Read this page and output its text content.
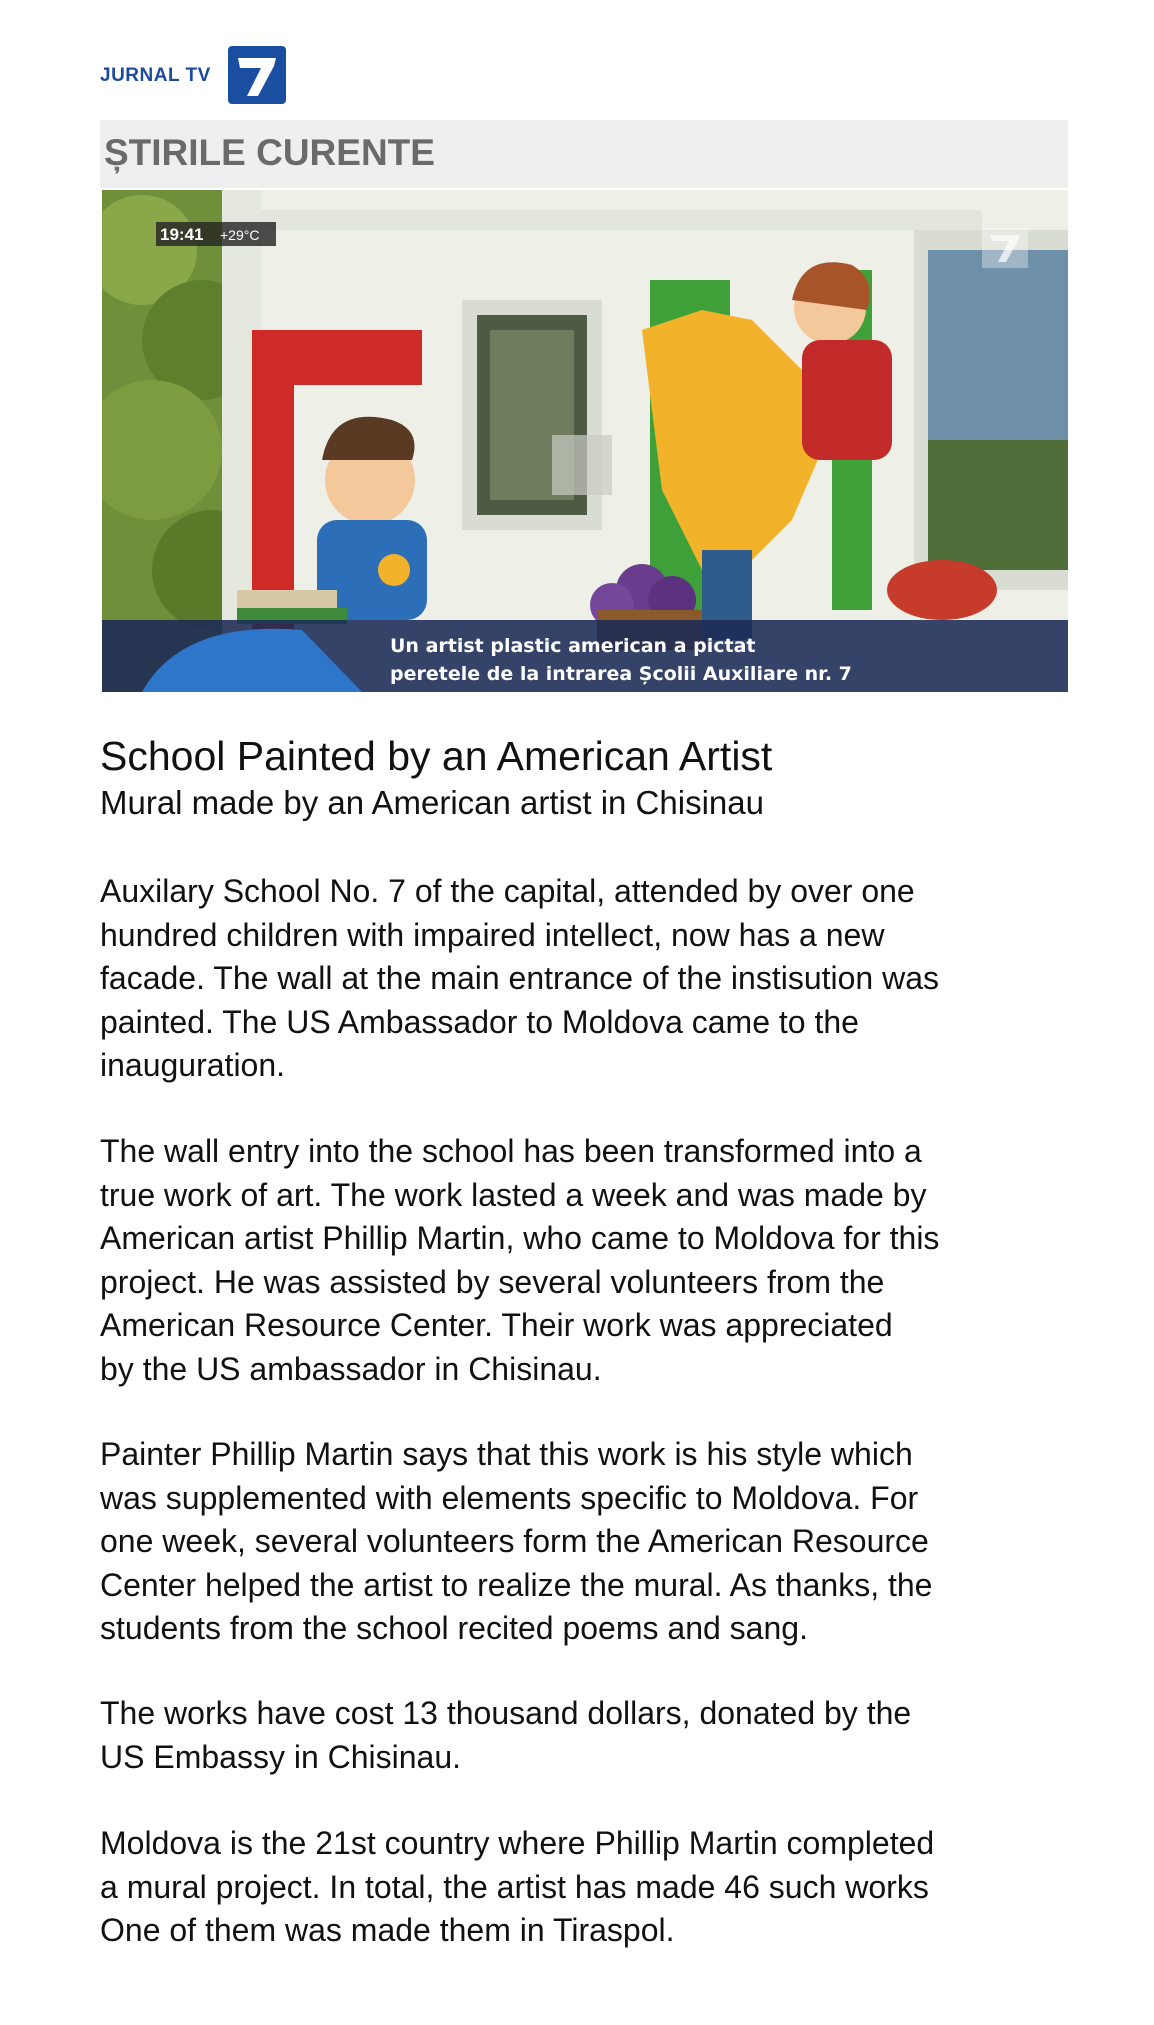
JURNAL TV
ȘTIRILE CURENTE
19:41 +29°C
Un artist plastic american a pictat
peretele de la intrarea Școlii Auxiliare nr. 7
School Painted by an American Artist
Mural made by an American artist in Chisinau

Auxilary School No. 7 of the capital, attended by over one
hundred children with impaired intellect, now has a new
facade. The wall at the main entrance of the instisution was
painted. The US Ambassador to Moldova came to the
inauguration.

The wall entry into the school has been transformed into a
true work of art. The work lasted a week and was made by
American artist Phillip Martin, who came to Moldova for this
project. He was assisted by several volunteers from the
American Resource Center. Their work was appreciated
by the US ambassador in Chisinau.

Painter Phillip Martin says that this work is his style which
was supplemented with elements specific to Moldova. For
one week, several volunteers form the American Resource
Center helped the artist to realize the mural. As thanks, the
students from the school recited poems and sang.

The works have cost 13 thousand dollars, donated by the
US Embassy in Chisinau.

Moldova is the 21st country where Phillip Martin completed
a mural project. In total, the artist has made 46 such works
One of them was made them in Tiraspol.
